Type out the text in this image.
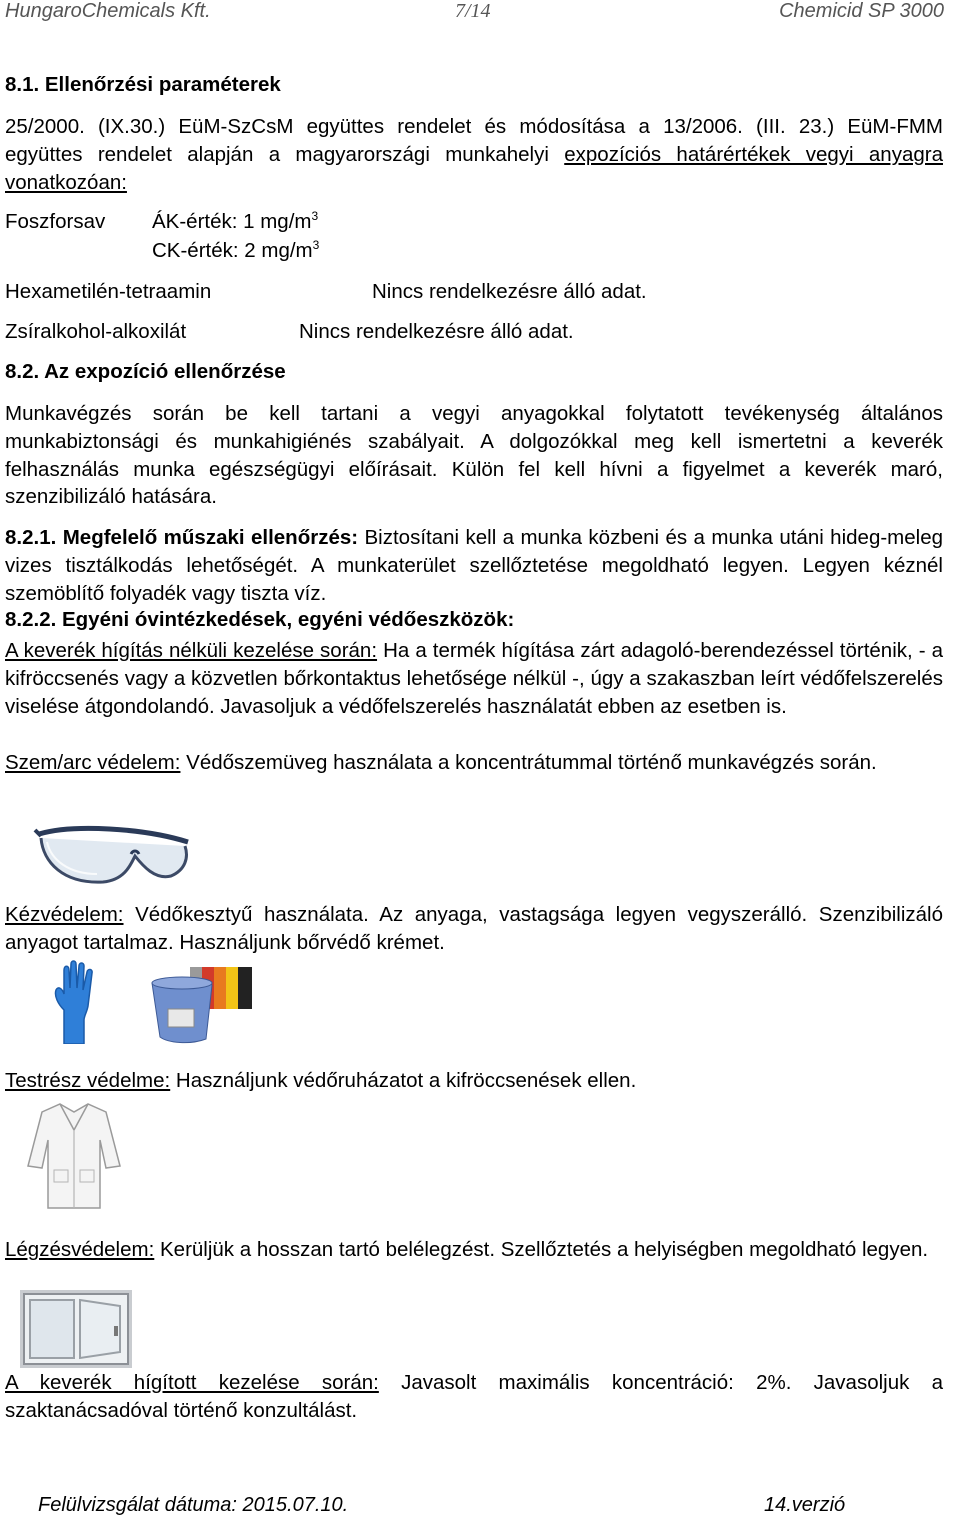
HungaroChemicals Kft.	7/14	Chemicid SP 3000
8.1. Ellenőrzési paraméterek
25/2000. (IX.30.) EüM-SzCsM együttes rendelet és módosítása a 13/2006. (III. 23.) EüM-FMM együttes rendelet alapján a magyarországi munkahelyi expozíciós határértékek vegyi anyagra vonatkozóan:
Foszforsav ÁK-érték: 1 $mg/m^3$
CK-érték: 2 $mg/m^3$
Hexametilén-tetraamin	Nincs rendelkezésre álló adat.
Zsíralkohol-alkoxilát	Nincs rendelkezésre álló adat.
8.2. Az expozíció ellenőrzése
Munkavégzés során be kell tartani a vegyi anyagokkal folytatott tevékenység általános munkabiztonsági és munkahigiénés szabályait. A dolgozókkal meg kell ismertetni a keverék felhasználás munka egészségügyi előírásait. Külön fel kell hívni a figyelmet a keverék maró, szenzibilizáló hatására.
8.2.1. Megfelelő műszaki ellenőrzés: Biztosítani kell a munka közbeni és a munka utáni hideg-meleg vizes tisztálkodás lehetőségét. A munkaterület szellőztetése megoldható legyen. Legyen kéznél szemöblítő folyadék vagy tiszta víz.
8.2.2. Egyéni óvintézkedések, egyéni védőeszközök:
A keverék hígítás nélküli kezelése során: Ha a termék hígítása zárt adagoló-berendezéssel történik, - a kifröccsenés vagy a közvetlen bőrkontaktus lehetősége nélkül -, úgy a szakaszban leírt védőfelszerelés viselése átgondolandó. Javasoljuk a védőfelszerelés használatát ebben az esetben is.
Szem/arc védelem: Védőszemüveg használata a koncentrátummal történő munkavégzés során.
Kézvédelem: Védőkesztyű használata. Az anyaga, vastagsága legyen vegyszerálló. Szenzibilizáló anyagot tartalmaz. Használjunk bőrvédő krémet.
Testrész védelme: Használjunk védőruházatot a kifröccsenések ellen.
Légzésvédelem: Kerüljük a hosszan tartó belélegzést. Szellőztetés a helyiségben megoldható legyen.
A keverék hígított kezelése során: Javasolt maximális koncentráció: 2%. Javasoljuk a szaktanácsadóval történő konzultálást.
Felülvizsgálat dátuma: 2015.07.10.	14.verzió
